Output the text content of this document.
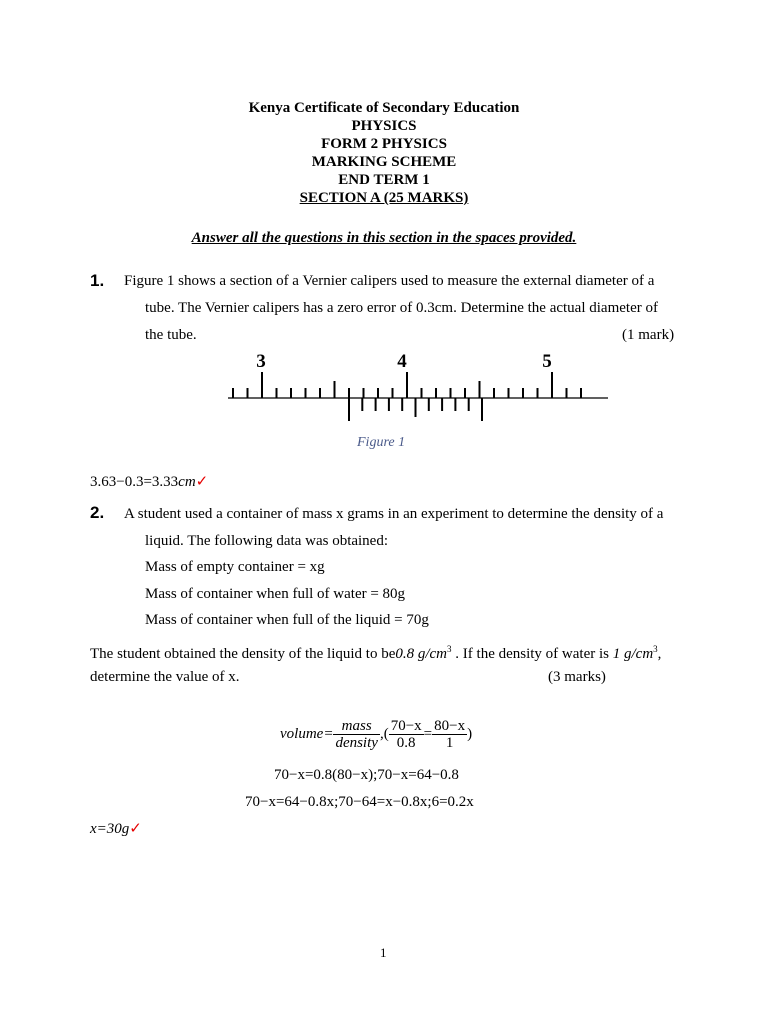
Kenya Certificate of Secondary Education
PHYSICS
FORM 2 PHYSICS
MARKING SCHEME
END TERM 1
SECTION A (25 MARKS)
Answer all the questions in this section in the spaces provided.
1. Figure 1 shows a section of a Vernier calipers used to measure the external diameter of a
tube. The Vernier calipers has a zero error of 0.3cm. Determine the actual diameter of
the tube.	(1 mark)
3	4	5
Figure 1
3.63−0.3=3.33cm✓
2. A student used a container of mass x grams in an experiment to determine the density of a
liquid. The following data was obtained:
Mass of empty container = xg
Mass of container when full of water = 80g
Mass of container when full of the liquid = 70g
The student obtained the density of the liquid to be0.8 $g/cm^3$ . If the density of water is 1 $g/cm^3$,
determine the value of x.	(3 marks)
volume= $\frac{\text{mass}}{\text{density}}$ ,( $\frac{70-x}{0.8} = \frac{80-x}{1}$ )
70−x=0.8(80−x);70−x=64−0.8
70−x=64−0.8x;70−64=x−0.8x;6=0.2x
x=30g✓
1
